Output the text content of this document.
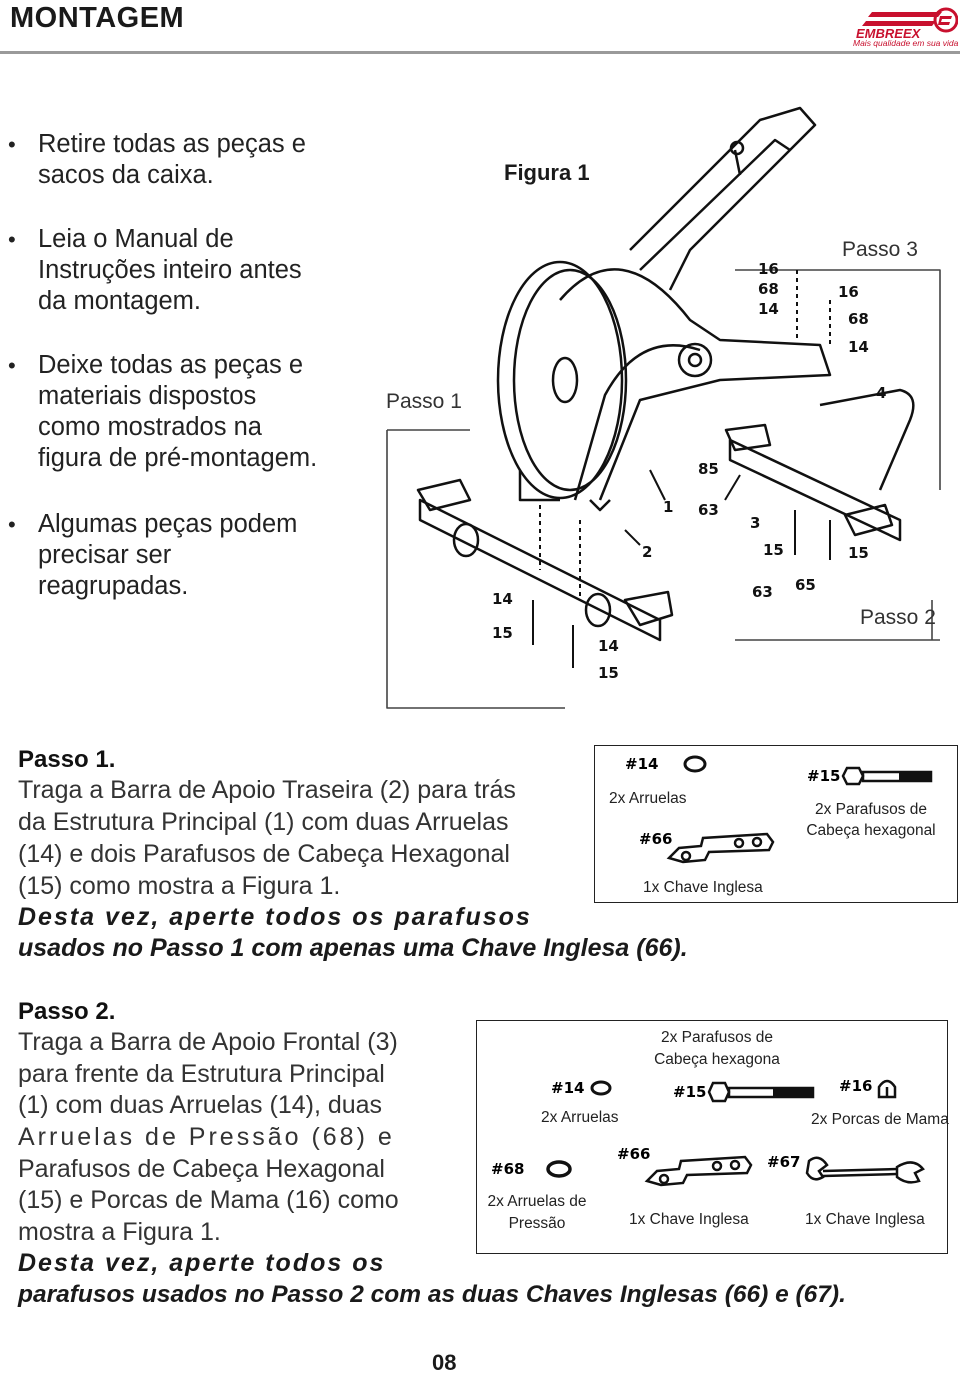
MONTAGEM	EMBREEX
Mais qualidade em sua vida
• Retire todas as peças e
sacos da caixa.
• Leia o Manual de
Instruções inteiro antes
da montagem.
• Deixe todas as peças e
materiais dispostos
como mostrados na
figura de pré-montagem.
• Algumas peças podem
precisar ser
reagrupadas.
Figura 1
16
68
14
16
68
14
4
85
63
1
3
2	15
65
63
14
15
14
15
15
Passo 1
Passo 3
Passo 2
Passo 1.
Traga a Barra de Apoio Traseira (2) para trás
da Estrutura Principal (1) com duas Arruelas
(14) e dois Parafusos de Cabeça Hexagonal
(15) como mostra a Figura 1.
Desta vez, aperte todos os parafusos
usados no Passo 1 com apenas uma Chave Inglesa (66).
#14
2x Arruelas
#15
2x Parafusos de
Cabeça hexagonal
#66
1x Chave Inglesa
Passo 2.
Traga a Barra de Apoio Frontal (3)
para frente da Estrutura Principal
(1) com duas Arruelas (14), duas
Arruelas de Pressão (68) e
Parafusos de Cabeça Hexagonal
(15) e Porcas de Mama (16) como
mostra a Figura 1.
Desta vez, aperte todos os
parafusos usados no Passo 2 com as duas Chaves Inglesas (66) e (67).
2x Parafusos de
Cabeça hexagona
#14
2x Arruelas
#15	#16
2x Porcas de Mama
#68
2x Arruelas de
Pressão
#66
1x Chave Inglesa
#67
1x Chave Inglesa
08
